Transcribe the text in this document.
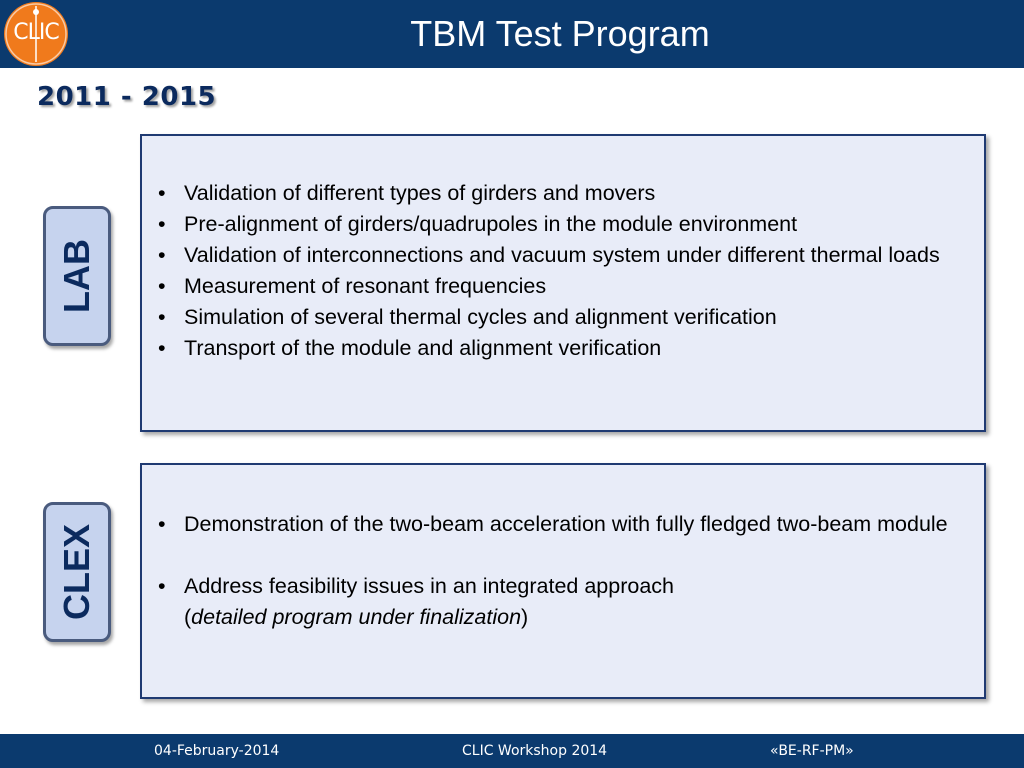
CLIC	TBM Test Program
2011 - 2015
LAB
• Validation of different types of girders and movers
• Pre-alignment of girders/quadrupoles in the module environment
• Validation of interconnections and vacuum system under different thermal loads
• Measurement of resonant frequencies
• Simulation of several thermal cycles and alignment verification
• Transport of the module and alignment verification
CLEX	• Demonstration of the two-beam acceleration with fully fledged two-beam module
• Address feasibility issues in an integrated approach
(detailed program under finalization)
04-February-2014	CLIC Workshop 2014	«BE-RF-PM»
